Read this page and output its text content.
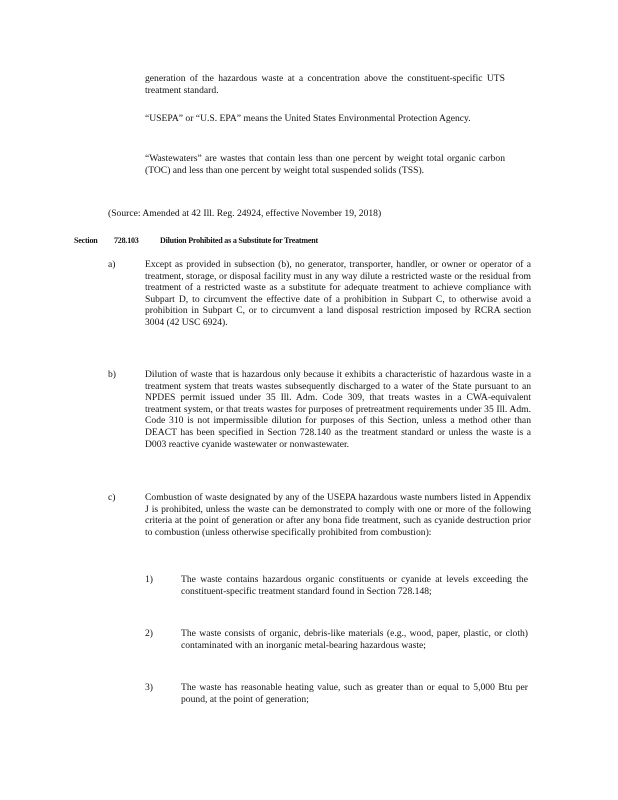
generation of the hazardous waste at a concentration above the constituent-specific UTS treatment standard.

“USEPA” or “U.S. EPA” means the United States Environmental Protection Agency.

“Wastewaters” are wastes that contain less than one percent by weight total organic carbon (TOC) and less than one percent by weight total suspended solids (TSS).

(Source: Amended at 42 Ill. Reg. 24924, effective November 19, 2018)

Section 728.103	Dilution Prohibited as a Substitute for Treatment
a)	Except as provided in subsection (b), no generator, transporter, handler, or owner or operator of a treatment, storage, or disposal facility must in any way dilute a restricted waste or the residual from treatment of a restricted waste as a substitute for adequate treatment to achieve compliance with Subpart D, to circumvent the effective date of a prohibition in Subpart C, to otherwise avoid a prohibition in Subpart C, or to circumvent a land disposal restriction imposed by RCRA section 3004 (42 USC 6924).

b)	Dilution of waste that is hazardous only because it exhibits a characteristic of hazardous waste in a treatment system that treats wastes subsequently discharged to a water of the State pursuant to an NPDES permit issued under 35 Ill. Adm. Code 309, that treats wastes in a CWA-equivalent treatment system, or that treats wastes for purposes of pretreatment requirements under 35 Ill. Adm. Code 310 is not impermissible dilution for purposes of this Section, unless a method other than DEACT has been specified in Section 728.140 as the treatment standard or unless the waste is a D003 reactive cyanide wastewater or nonwastewater.

c)	Combustion of waste designated by any of the USEPA hazardous waste numbers listed in Appendix J is prohibited, unless the waste can be demonstrated to comply with one or more of the following criteria at the point of generation or after any bona fide treatment, such as cyanide destruction prior to combustion (unless otherwise specifically prohibited from combustion):

1)	The waste contains hazardous organic constituents or cyanide at levels exceeding the constituent-specific treatment standard found in Section 728.148;

2)	The waste consists of organic, debris-like materials (e.g., wood, paper, plastic, or cloth) contaminated with an inorganic metal-bearing hazardous waste;

3)	The waste has reasonable heating value, such as greater than or equal to 5,000 Btu per pound, at the point of generation;
